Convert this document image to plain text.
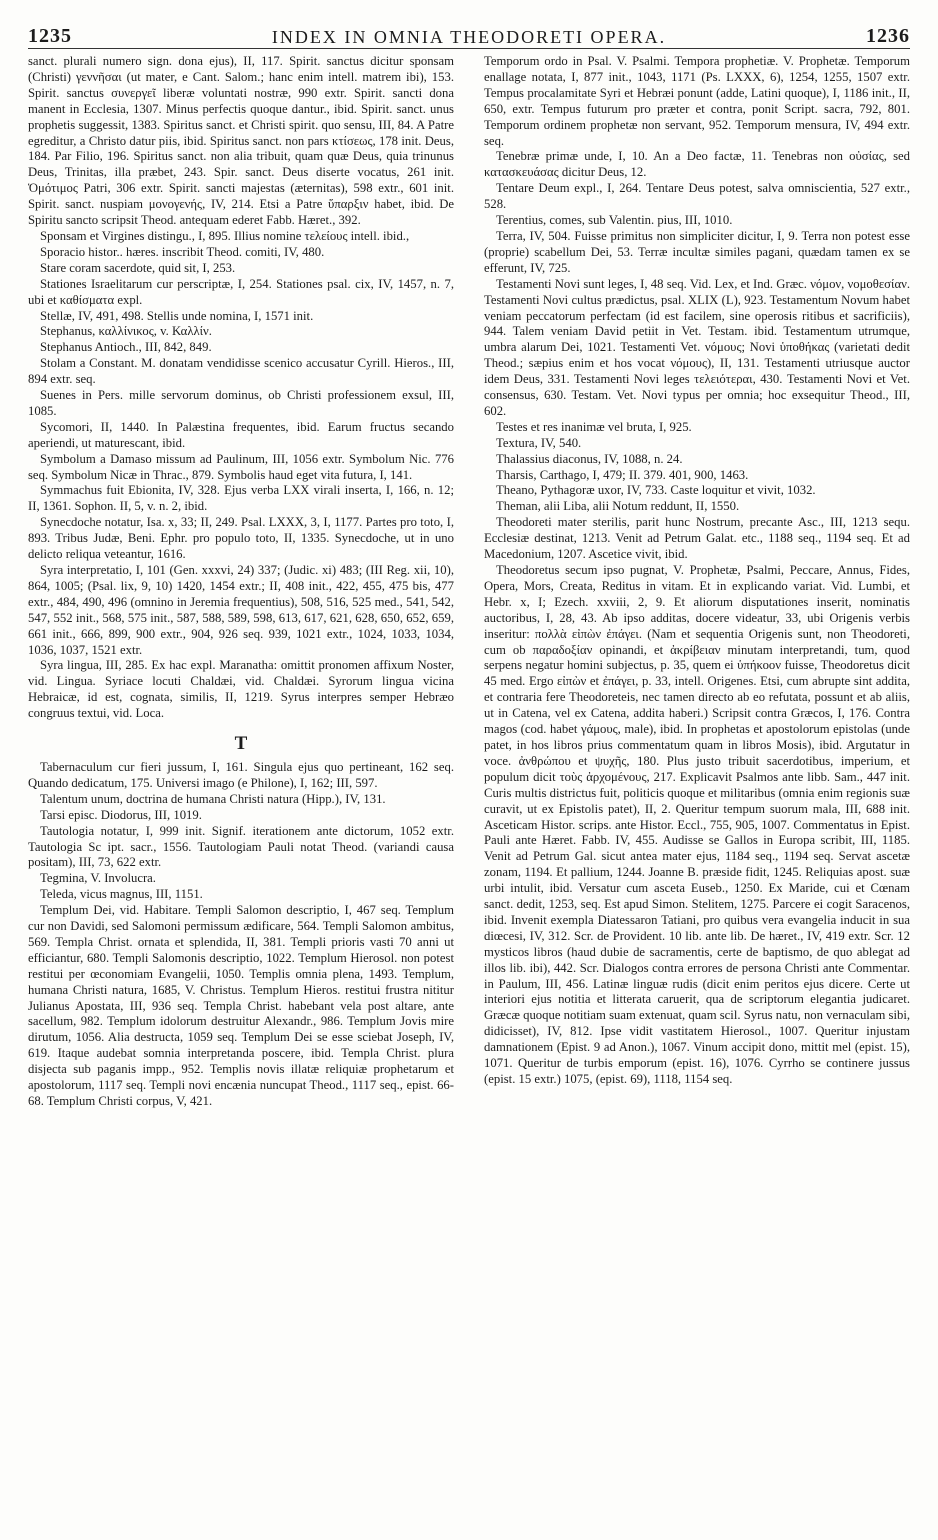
1235	INDEX IN OMNIA THEODORETI OPERA.	1236

sanct. plurali numero sign. dona ejus), II, 117. Spirit. sanctus dicitur sponsam (Christi) γεννῆσαι (ut mater, e Cant. Salom.; hanc enim intell. matrem ibi), 153. Spirit. sanctus συνεργεῖ liberæ voluntati nostræ, 990 extr. Spirit. sancti dona manent in Ecclesia, 1307. Minus perfectis quoque dantur., ibid. Spirit. sanct. unus prophetis suggessit, 1383. Spiritus sanct. et Christi spirit. quo sensu, III, 84. A Patre egreditur, a Christo datur piis, ibid. Spiritus sanct. non pars κτίσεως, 178 init. Deus, 184. Par Filio, 196. Spiritus sanct. non alia tribuit, quam quæ Deus, quia trinunus Deus, Trinitas, illa præbet, 243. Spir. sanct. Deus diserte vocatus, 261 init. Ὁμότιμος Patri, 306 extr. Spirit. sancti majestas (æternitas), 598 extr., 601 init. Spirit. sanct. nuspiam μονογενής, IV, 214. Etsi a Patre ὕπαρξιν habet, ibid. De Spiritu sancto scripsit Theod. antequam ederet Fabb. Hæret., 392.

Sponsam et Virgines distingu., I, 895. Illius nomine τελείους intell. ibid.,

Sporacio histor.. hæres. inscribit Theod. comiti, IV, 480.

Stare coram sacerdote, quid sit, I, 253.

Stationes Israelitarum cur perscriptæ, I, 254. Stationes psal. cix, IV, 1457, n. 7, ubi et καθίσματα expl.

Stellæ, IV, 491, 498. Stellis unde nomina, I, 1571 init.

Stephanus, καλλίνικος, v. Καλλίν.

Stephanus Antioch., III, 842, 849.

Stolam a Constant. M. donatam vendidisse scenico accusatur Cyrill. Hieros., III, 894 extr. seq.

Suenes in Pers. mille servorum dominus, ob Christi professionem exsul, III, 1085.

Sycomori, II, 1440. In Palæstina frequentes, ibid. Earum fructus secando aperiendi, ut maturescant, ibid.

Symbolum a Damaso missum ad Paulinum, III, 1056 extr. Symbolum Nic. 776 seq. Symbolum Nicæ in Thrac., 879. Symbolis haud eget vita futura, I, 141.

Symmachus fuit Ebionita, IV, 328. Ejus verba LXX virali inserta, I, 166, n. 12; II, 1361. Sophon. II, 5, v. n. 2, ibid.

Synecdoche notatur, Isa. x, 33; II, 249. Psal. LXXX, 3, I, 1177. Partes pro toto, I, 893. Tribus Judæ, Beni. Ephr. pro populo toto, II, 1335. Synecdoche, ut in uno delicto reliqua veteantur, 1616.

Syra interpretatio, I, 101 (Gen. xxxvi, 24) 337; (Judic. xi) 483; (III Reg. xii, 10), 864, 1005; (Psal. lix, 9, 10) 1420, 1454 extr.; II, 408 init., 422, 455, 475 bis, 477 extr., 484, 490, 496 (omnino in Jeremia frequentius), 508, 516, 525 med., 541, 542, 547, 552 init., 568, 575 init., 587, 588, 589, 598, 613, 617, 621, 628, 650, 652, 659, 661 init., 666, 899, 900 extr., 904, 926 seq. 939, 1021 extr., 1024, 1033, 1034, 1036, 1037, 1521 extr.

Syra lingua, III, 285. Ex hac expl. Maranatha: omittit pronomen affixum Noster, vid. Lingua. Syriace locuti Chaldæi, vid. Chaldæi. Syrorum lingua vicina Hebraicæ, id est, cognata, similis, II, 1219. Syrus interpres semper Hebræo congruus textui, vid. Loca.

T

Tabernaculum cur fieri jussum, I, 161. Singula ejus quo pertineant, 162 seq. Quando dedicatum, 175. Universi imago (e Philone), I, 162; III, 597.

Talentum unum, doctrina de humana Christi natura (Hipp.), IV, 131.

Tarsi episc. Diodorus, III, 1019.

Tautologia notatur, I, 999 init. Signif. iterationem ante dictorum, 1052 extr. Tautologia Sc ipt. sacr., 1556. Tautologiam Pauli notat Theod. (variandi causa positam), III, 73, 622 extr.

Tegmina, V. Involucra.

Teleda, vicus magnus, III, 1151.

Templum Dei, vid. Habitare. Templi Salomon descriptio, I, 467 seq. Templum cur non Davidi, sed Salomoni permissum ædificare, 564. Templi Salomon ambitus, 569. Templa Christ. ornata et splendida, II, 381. Templi prioris vasti 70 anni ut efficiantur, 680. Templi Salomonis descriptio, 1022. Templum Hierosol. non potest restitui per œconomiam Evangelii, 1050. Templis omnia plena, 1493. Templum, humana Christi natura, 1685, V. Christus. Templum Hieros. restitui frustra nititur Julianus Apostata, III, 936 seq. Templa Christ. habebant vela post altare, ante sacellum, 982. Templum idolorum destruitur Alexandr., 986. Templum Jovis mire dirutum, 1056. Alia destructa, 1059 seq. Templum Dei se esse sciebat Joseph, IV, 619. Itaque audebat somnia interpretanda poscere, ibid. Templa Christ. plura disjecta sub paganis impp., 952. Templis novis illatæ reliquiæ prophetarum et apostolorum, 1117 seq. Templi novi encænia nuncupat Theod., 1117 seq., epist. 66-68. Templum Christi corpus, V, 421.

Temporum ordo in Psal. V. Psalmi. Tempora prophetiæ. V. Prophetæ. Temporum enallage notata, I, 877 init., 1043, 1171 (Ps. LXXX, 6), 1254, 1255, 1507 extr. Tempus procalamitate Syri et Hebræi ponunt (adde, Latini quoque), I, 1186 init., II, 650, extr. Tempus futurum pro præter et contra, ponit Script. sacra, 792, 801. Temporum ordinem prophetæ non servant, 952. Temporum mensura, IV, 494 extr. seq.

Tenebræ primæ unde, I, 10. An a Deo factæ, 11. Tenebras non οὐσίας, sed κατασκευάσας dicitur Deus, 12.

Tentare Deum expl., I, 264. Tentare Deus potest, salva omniscientia, 527 extr., 528.

Terentius, comes, sub Valentin. pius, III, 1010.

Terra, IV, 504. Fuisse primitus non simpliciter dicitur, I, 9. Terra non potest esse (proprie) scabellum Dei, 53. Terræ incultæ similes pagani, quædam tamen ex se efferunt, IV, 725.

Testamenti Novi sunt leges, I, 48 seq. Vid. Lex, et Ind. Græc. νόμον, νομοθεσίαν. Testamenti Novi cultus prædictus, psal. XLIX (L), 923. Testamentum Novum habet veniam peccatorum perfectam (id est facilem, sine operosis ritibus et sacrificiis), 944. Talem veniam David petiit in Vet. Testam. ibid. Testamentum utrumque, umbra alarum Dei, 1021. Testamenti Vet. νόμους; Novi ὑποθήκας (varietati dedit Theod.; sæpius enim et hos vocat νόμους), II, 131. Testamenti utriusque auctor idem Deus, 331. Testamenti Novi leges τελειότεραι, 430. Testamenti Novi et Vet. consensus, 630. Testam. Vet. Novi typus per omnia; hoc exsequitur Theod., III, 602.

Testes et res inanimæ vel bruta, I, 925.

Textura, IV, 540.

Thalassius diaconus, IV, 1088, n. 24.

Tharsis, Carthago, I, 479; II. 379. 401, 900, 1463.

Theano, Pythagoræ uxor, IV, 733. Caste loquitur et vivit, 1032.

Theman, alii Liba, alii Notum reddunt, II, 1550.

Theodoreti mater sterilis, parit hunc Nostrum, precante Asc., III, 1213 sequ. Ecclesiæ destinat, 1213. Venit ad Petrum Galat. etc., 1188 seq., 1194 seq. Et ad Macedonium, 1207. Ascetice vivit, ibid.

Theodoretus secum ipso pugnat, V. Prophetæ, Psalmi, Peccare, Annus, Fides, Opera, Mors, Creata, Reditus in vitam. Et in explicando variat. Vid. Lumbi, et Hebr. x, I; Ezech. xxviii, 2, 9. Et aliorum disputationes inserit, nominatis auctoribus, I, 28, 43. Ab ipso additas, docere videatur, 33, ubi Origenis verbis inseritur: πολλὰ εἰπὼν ἐπάγει. (Nam et sequentia Origenis sunt, non Theodoreti, cum ob παραδοξίαν opinandi, et ἀκρίβειαν minutam interpretandi, tum, quod serpens negatur homini subjectus, p. 35, quem ei ὑπήκοον fuisse, Theodoretus dicit 45 med. Ergo εἰπὼν et ἐπάγει, p. 33, intell. Origenes. Etsi, cum abrupte sint addita, et contraria fere Theodoreteis, nec tamen directo ab eo refutata, possunt et ab aliis, ut in Catena, vel ex Catena, addita haberi.) Scripsit contra Græcos, I, 176. Contra magos (cod. habet γάμους, male), ibid. In prophetas et apostolorum epistolas (unde patet, in hos libros prius commentatum quam in libros Mosis), ibid. Argutatur in voce. ἀνθρώπου et ψυχῆς, 180. Plus justo tribuit sacerdotibus, imperium, et populum dicit τοὺς ἀρχομένους, 217. Explicavit Psalmos ante libb. Sam., 447 init. Curis multis districtus fuit, politicis quoque et militaribus (omnia enim regionis suæ curavit, ut ex Epistolis patet), II, 2. Queritur tempum suorum mala, III, 688 init. Asceticam Histor. scrips. ante Histor. Eccl., 755, 905, 1007. Commentatus in Epist. Pauli ante Hæret. Fabb. IV, 455. Audisse se Gallos in Europa scribit, III, 1185. Venit ad Petrum Gal. sicut antea mater ejus, 1184 seq., 1194 seq. Servat ascetæ zonam, 1194. Et pallium, 1244. Joanne B. præside fidit, 1245. Reliquias apost. suæ urbi intulit, ibid. Versatur cum asceta Euseb., 1250. Ex Maride, cui et Cœnam sanct. dedit, 1253, seq. Est apud Simon. Stelitem, 1275. Parcere ei cogit Saracenos, ibid. Invenit exempla Diatessaron Tatiani, pro quibus vera evangelia inducit in sua diœcesi, IV, 312. Scr. de Provident. 10 lib. ante lib. De hæret., IV, 419 extr. Scr. 12 mysticos libros (haud dubie de sacramentis, certe de baptismo, de quo ablegat ad illos lib. ibi), 442. Scr. Dialogos contra errores de persona Christi ante Commentar. in Paulum, III, 456. Latinæ linguæ rudis (dicit enim peritos ejus dicere. Certe ut interiori ejus notitia et litterata caruerit, qua de scriptorum elegantia judicaret. Græcæ quoque notitiam suam extenuat, quam scil. Syrus natu, non vernaculam sibi, didicisset), IV, 812. Ipse vidit vastitatem Hierosol., 1007. Queritur injustam damnationem (Epist. 9 ad Anon.), 1067. Vinum accipit dono, mittit mel (epist. 15), 1071. Queritur de turbis emporum (epist. 16), 1076. Cyrrho se continere jussus (epist. 15 extr.) 1075, (epist. 69), 1118, 1154 seq.
